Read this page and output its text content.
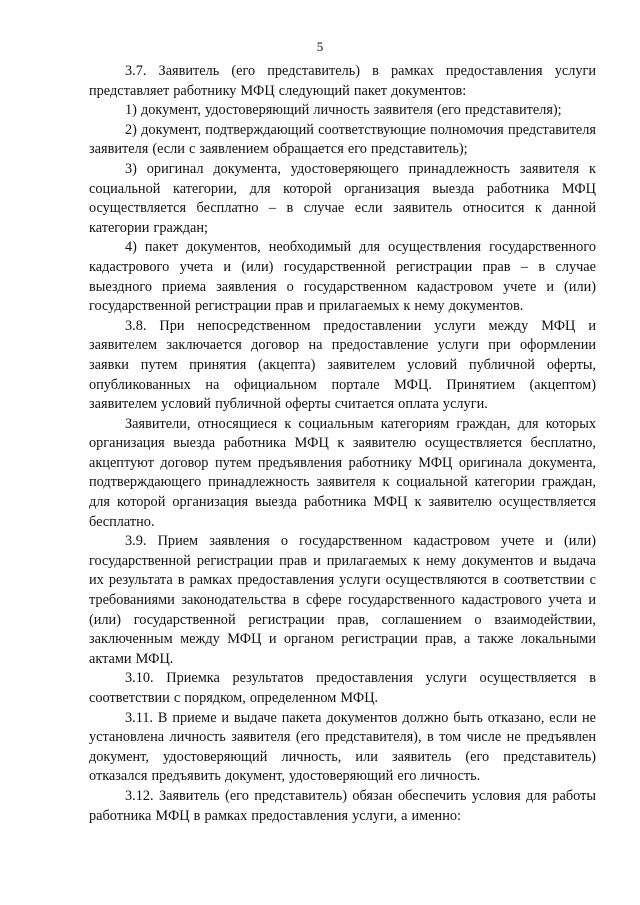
5

3.7. Заявитель (его представитель) в рамках предоставления услуги представляет работнику МФЦ следующий пакет документов:

1) документ, удостоверяющий личность заявителя (его представителя);

2) документ, подтверждающий соответствующие полномочия представителя заявителя (если с заявлением обращается его представитель);

3) оригинал документа, удостоверяющего принадлежность заявителя к социальной категории, для которой организация выезда работника МФЦ осуществляется бесплатно – в случае если заявитель относится к данной категории граждан;

4) пакет документов, необходимый для осуществления государственного кадастрового учета и (или) государственной регистрации прав – в случае выездного приема заявления о государственном кадастровом учете и (или) государственной регистрации прав и прилагаемых к нему документов.

3.8. При непосредственном предоставлении услуги между МФЦ и заявителем заключается договор на предоставление услуги при оформлении заявки путем принятия (акцепта) заявителем условий публичной оферты, опубликованных на официальном портале МФЦ. Принятием (акцептом) заявителем условий публичной оферты считается оплата услуги.

Заявители, относящиеся к социальным категориям граждан, для которых организация выезда работника МФЦ к заявителю осуществляется бесплатно, акцептуют договор путем предъявления работнику МФЦ оригинала документа, подтверждающего принадлежность заявителя к социальной категории граждан, для которой организация выезда работника МФЦ к заявителю осуществляется бесплатно.

3.9. Прием заявления о государственном кадастровом учете и (или) государственной регистрации прав и прилагаемых к нему документов и выдача их результата в рамках предоставления услуги осуществляются в соответствии с требованиями законодательства в сфере государственного кадастрового учета и (или) государственной регистрации прав, соглашением о взаимодействии, заключенным между МФЦ и органом регистрации прав, а также локальными актами МФЦ.

3.10. Приемка результатов предоставления услуги осуществляется в соответствии с порядком, определенном МФЦ.

3.11. В приеме и выдаче пакета документов должно быть отказано, если не установлена личность заявителя (его представителя), в том числе не предъявлен документ, удостоверяющий личность, или заявитель (его представитель) отказался предъявить документ, удостоверяющий его личность.

3.12. Заявитель (его представитель) обязан обеспечить условия для работы работника МФЦ в рамках предоставления услуги, а именно:
